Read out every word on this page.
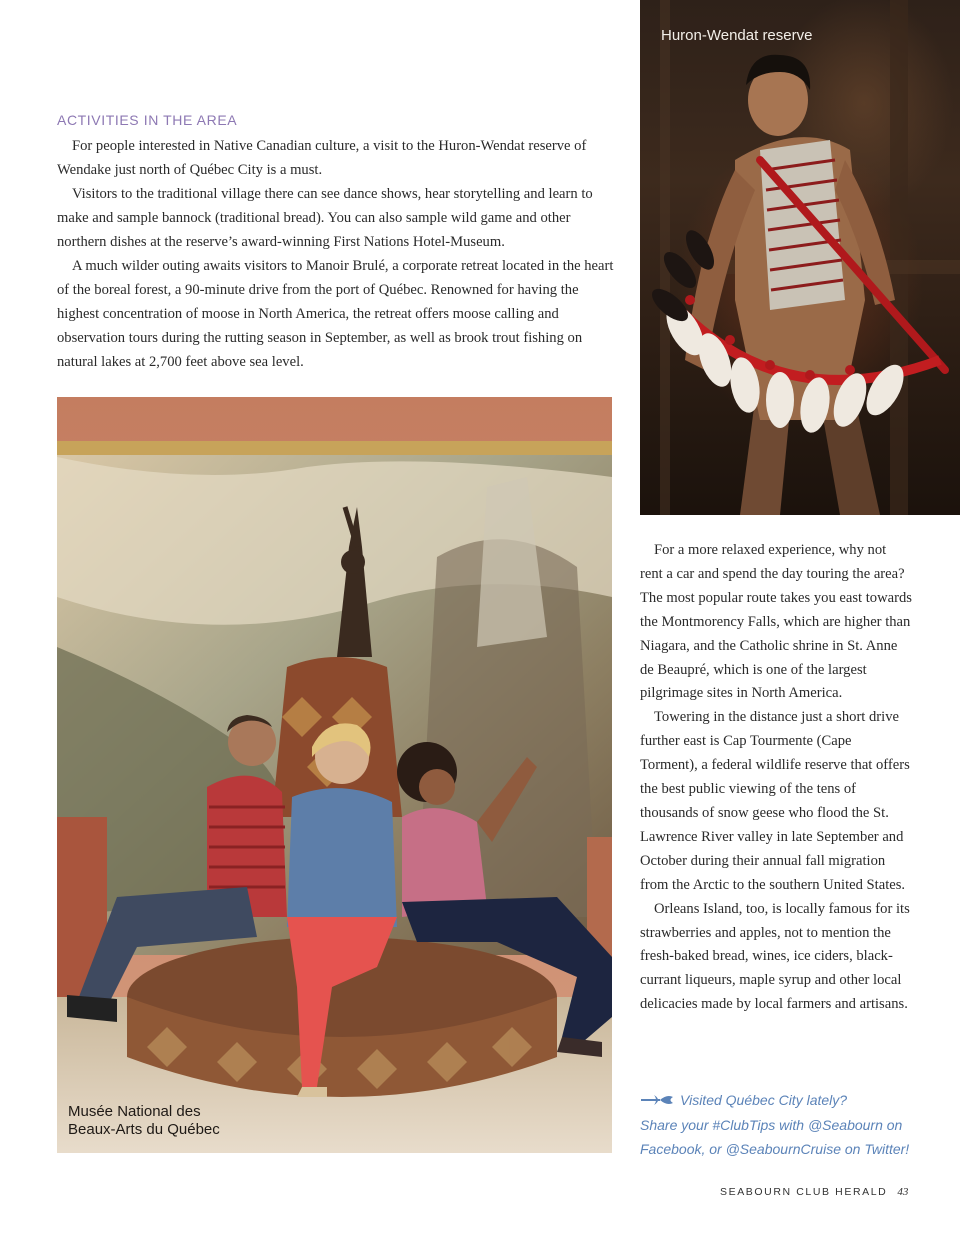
ACTIVITIES IN THE AREA

For people interested in Native Canadian culture, a visit to the Huron-Wendat reserve of Wendake just north of Québec City is a must.

Visitors to the traditional village there can see dance shows, hear storytelling and learn to make and sample bannock (traditional bread). You can also sample wild game and other northern dishes at the reserve’s award-winning First Nations Hotel-Museum.

A much wilder outing awaits visitors to Manoir Brulé, a corporate retreat located in the heart of the boreal forest, a 90-minute drive from the port of Québec. Renowned for having the highest concentration of moose in North America, the retreat offers moose calling and observation tours during the rutting season in September, as well as brook trout fishing on natural lakes at 2,700 feet above sea level.

Huron-Wendat reserve
Musée National des
Beaux-Arts du Québec

For a more relaxed experience, why not rent a car and spend the day touring the area? The most popular route takes you east towards the Montmorency Falls, which are higher than Niagara, and the Catholic shrine in St. Anne de Beaupré, which is one of the largest pilgrimage sites in North America.

Towering in the distance just a short drive further east is Cap Tourmente (Cape Torment), a federal wildlife reserve that offers the best public viewing of the tens of thousands of snow geese who flood the St. Lawrence River valley in late September and October during their annual fall migration from the Arctic to the southern United States.

Orleans Island, too, is locally famous for its strawberries and apples, not to mention the fresh-baked bread, wines, ice ciders, black-currant liqueurs, maple syrup and other local delicacies made by local farmers and artisans.

Visited Québec City lately?
Share your #ClubTips with @Seabourn on
Facebook, or @SeabournCruise on Twitter!
SEABOURN CLUB HERALD 43
